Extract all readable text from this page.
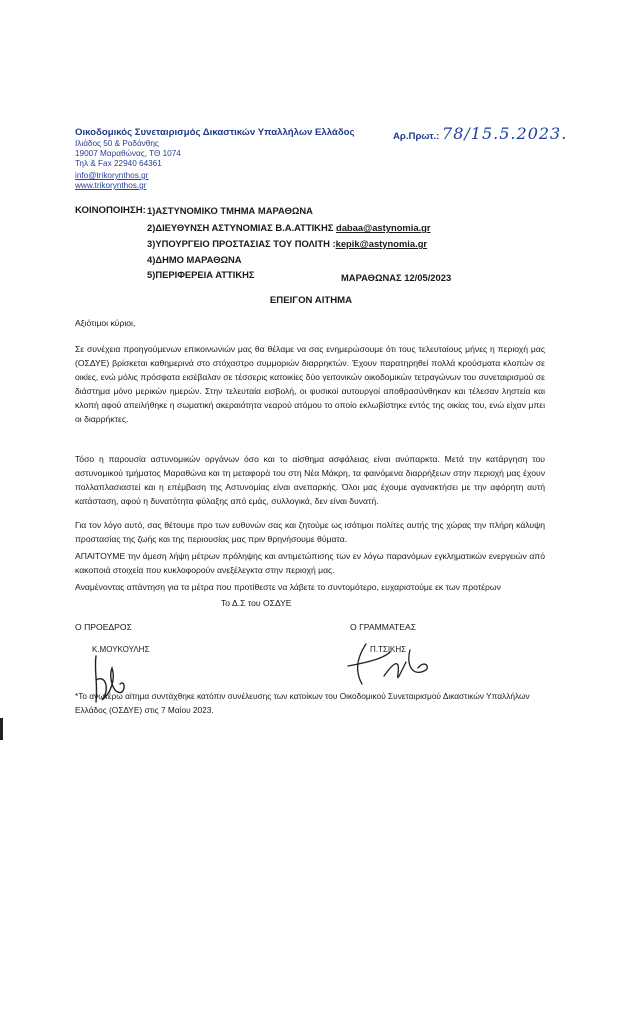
Οικοδομικός Συνεταιρισμός Δικαστικών Υπαλλήλων Ελλάδος
Ιλιάδος 50 & Ροδάνθης
19007 Μαραθώνας, ΤΘ 1074
Τηλ & Fax 22940 64361
info@trikorynthos.gr
www.trikorynthos.gr
Αρ.Πρωτ.: 78/15.5.2023.
ΚΟΙΝΟΠΟΙΗΣΗ: 1)ΑΣΤΥΝΟΜΙΚΟ ΤΜΗΜΑ ΜΑΡΑΘΩΝΑ
2)ΔΙΕΥΘΥΝΣΗ ΑΣΤΥΝΟΜΙΑΣ Β.Α.ΑΤΤΙΚΗΣ dabaa@astynomia.gr
3)ΥΠΟΥΡΓΕΙΟ ΠΡΟΣΤΑΣΙΑΣ ΤΟΥ ΠΟΛΙΤΗ :kepik@astynomia.gr
4)ΔΗΜΟ ΜΑΡΑΘΩΝΑ
5)ΠΕΡΙΦΕΡΕΙΑ ΑΤΤΙΚΗΣ	ΜΑΡΑΘΩΝΑΣ 12/05/2023
ΕΠΕΙΓΟΝ ΑΙΤΗΜΑ
Αξιότιμοι κύριοι,
Σε συνέχεια προηγούμενων επικοινωνιών μας θα θέλαμε να σας ενημερώσουμε ότι τους τελευταίους μήνες η περιοχή μας (ΟΣΔΥΕ) βρίσκεται καθημερινά στο στόχαστρο συμμοριών διαρρηκτών. Έχουν παρατηρηθεί πολλά κρούσματα κλοπών σε οικίες, ενώ μόλις πρόσφατα εισέβαλαν σε τέσσερις κατοικίες δύο γειτονικών οικοδομικών τετραγώνων του συνεταιρισμού σε διάστημα μόνο μερικών ημερών. Στην τελευταία εισβολή, οι φυσικοί αυτουργοί αποθρασύνθηκαν και τέλεσαν ληστεία και κλοπή αφού απειλήθηκε η σωματική ακεραιότητα νεαρού ατόμου το οποίο εκλωβίστηκε εντός της οικίας του, ενώ είχαν μπει οι διαρρήκτες.
Τόσο η παρουσία αστυνομικών οργάνων όσο και το αίσθημα ασφάλειας είναι ανύπαρκτα. Μετά την κατάργηση του αστυνομικού τμήματος Μαραθώνα και τη μεταφορά του στη Νέα Μάκρη, τα φαινόμενα διαρρήξεων στην περιοχή μας έχουν πολλαπλασιαστεί και η επέμβαση της Αστυνομίας είναι ανεπαρκής. Όλοι μας έχουμε αγανακτήσει με την αφόρητη αυτή κατάσταση, αφού η δυνατότητα φύλαξης από εμάς, συλλογικά, δεν είναι δυνατή.
Για τον λόγο αυτό, σας θέτουμε προ των ευθυνών σας και ζητούμε ως ισότιμοι πολίτες αυτής της χώρας την πλήρη κάλυψη προστασίας της ζωής και της περιουσίας μας πριν θρηνήσουμε θύματα.
ΑΠΑΙΤΟΥΜΕ την άμεση λήψη μέτρων πρόληψης και αντιμετώπισης των εν λόγω παρανόμων εγκληματικών ενεργειών από κακοποιά στοιχεία που κυκλοφορούν ανεξέλεγκτα στην περιοχή μας.
Αναμένοντας απάντηση για τα μέτρα που προτίθεστε να λάβετε το συντομότερο, ευχαριστούμε εκ των προτέρων
Το Δ.Σ του ΟΣΔΥΕ
Ο ΠΡΟΕΔΡΟΣ	Ο ΓΡΑΜΜΑΤΕΑΣ
Κ.ΜΟΥΚΟΥΛΗΣ	Π.ΤΣΙΚΗΣ
*Το ανωτέρω αίτημα συντάχθηκε κατόπιν συνέλευσης των κατοίκων του Οικοδομικού Συνεταιρισμού Δικαστικών Υπαλλήλων Ελλάδος (ΟΣΔΥΕ) στις 7 Μαίου 2023.
